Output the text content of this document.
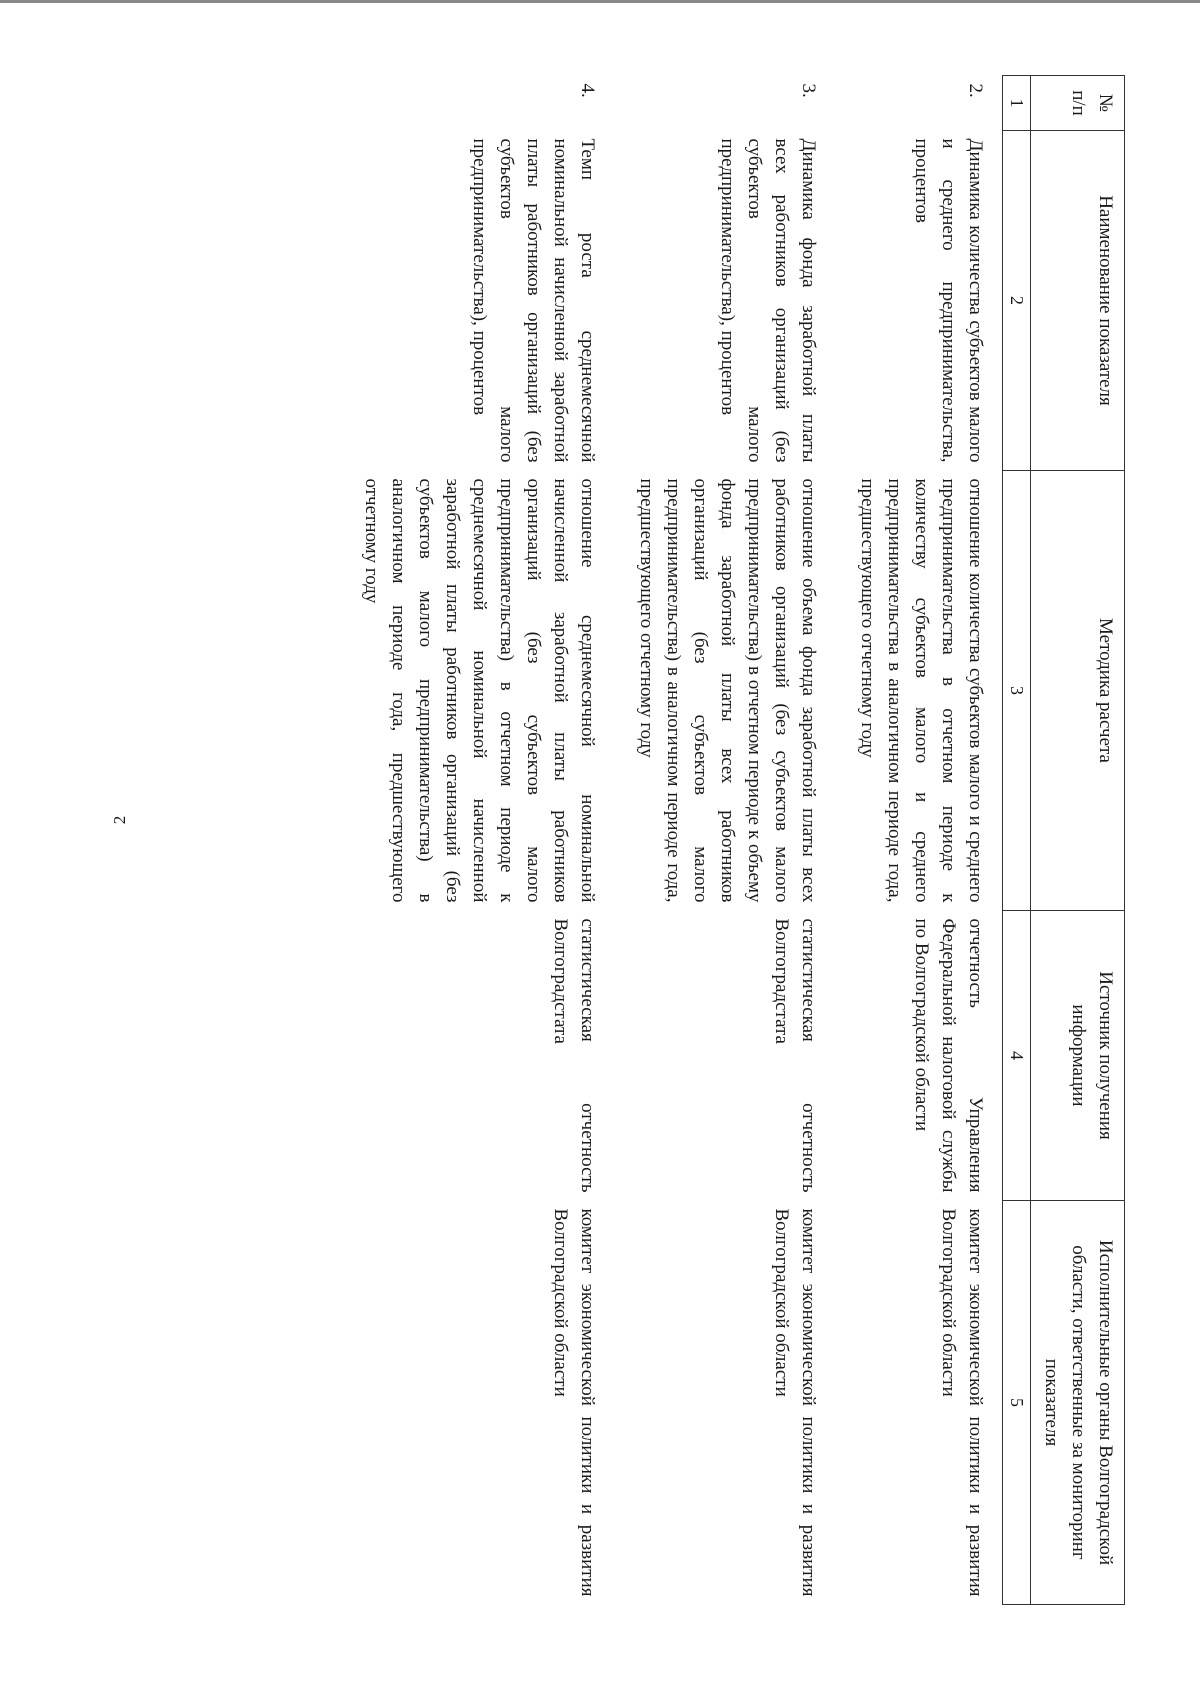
2
№ п/п	Наименование показателя	Методика расчета	Источник получения информации	Исполнительные органы Волгоградской области, ответственные за мониторинг показателя
1	2	3	4	5
2.	Динамика количества субъектов малого и среднего предпринимательства, процентов	отношение количества субъектов малого и среднего предпринимательства в отчетном периоде к количеству субъектов малого и среднего предпринимательства в аналогичном периоде года, предшествующего отчетному году	отчетность Управления Федеральной налоговой службы по Волгоградской области	комитет экономической политики и развития Волгоградской области
3.	Динамика фонда заработной платы всех работников организаций (без субъектов малого предпринимательства), процентов	отношение объема фонда заработной платы всех работников организаций (без субъектов малого предпринимательства) в отчетном периоде к объему фонда заработной платы всех работников организаций (без субъектов малого предпринимательства) в аналогичном периоде года, предшествующего отчетному году	статистическая отчетность Волгоградстата	комитет экономической политики и развития Волгоградской области
4.	Темп роста среднемесячной номинальной начисленной заработной платы работников организаций (без субъектов малого предпринимательства), процентов	отношение среднемесячной номинальной начисленной заработной платы работников организаций (без субъектов малого предпринимательства) в отчетном периоде к среднемесячной номинальной начисленной заработной платы работников организаций (без субъектов малого предпринимательства) в аналогичном периоде года, предшествующего отчетному году	статистическая отчетность Волгоградстата	комитет экономической политики и развития Волгоградской области
